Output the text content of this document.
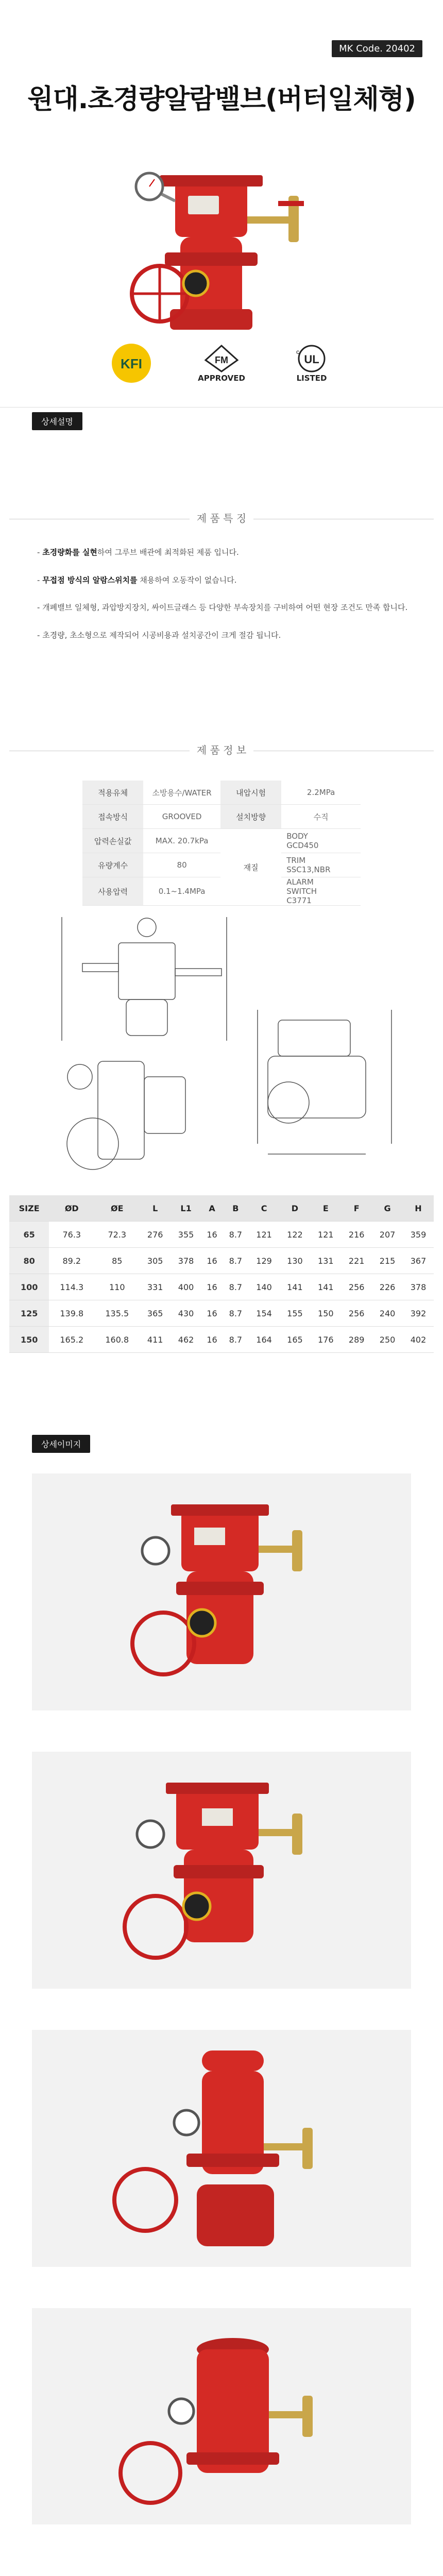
MK Code. 20402
원대.초경량알람밸브(버터일체형)
KFI	FM
APPROVED
UL
c
LISTED
상세설명
제 품 특 징

- 초경량화를 실현하여 그루브 배관에 최적화된 제품 입니다.

- 무접점 방식의 알람스위치를 채용하여 오동작이 없습니다.

- 개폐밸브 일체형, 과압방지장치, 싸이트글래스 등 다양한 부속장치를 구비하여 어떤 현장 조건도 만족 합니다.

- 초경량, 초소형으로 제작되어 시공비용과 설치공간이 크게 절감 됩니다.

제 품 정 보
적용유체	소방용수/WATER	내압시험	2.2MPa
접속방식	GROOVED	설치방향	수직
압력손실값	MAX. 20.7kPa	재질	BODYGCD450
유량계수	80		TRIMSSC13,NBR
사용압력	0.1~1.4MPa		ALARM SWITCHC3771
SIZE	ØD	ØE	L	L1	A	B	C	D	E	F	G	H
65	76.3	72.3	276	355	16	8.7	121	122	121	216	207	359
80	89.2	85	305	378	16	8.7	129	130	131	221	215	367
100	114.3	110	331	400	16	8.7	140	141	141	256	226	378
125	139.8	135.5	365	430	16	8.7	154	155	150	256	240	392
150	165.2	160.8	411	462	16	8.7	164	165	176	289	250	402
상세이미지
